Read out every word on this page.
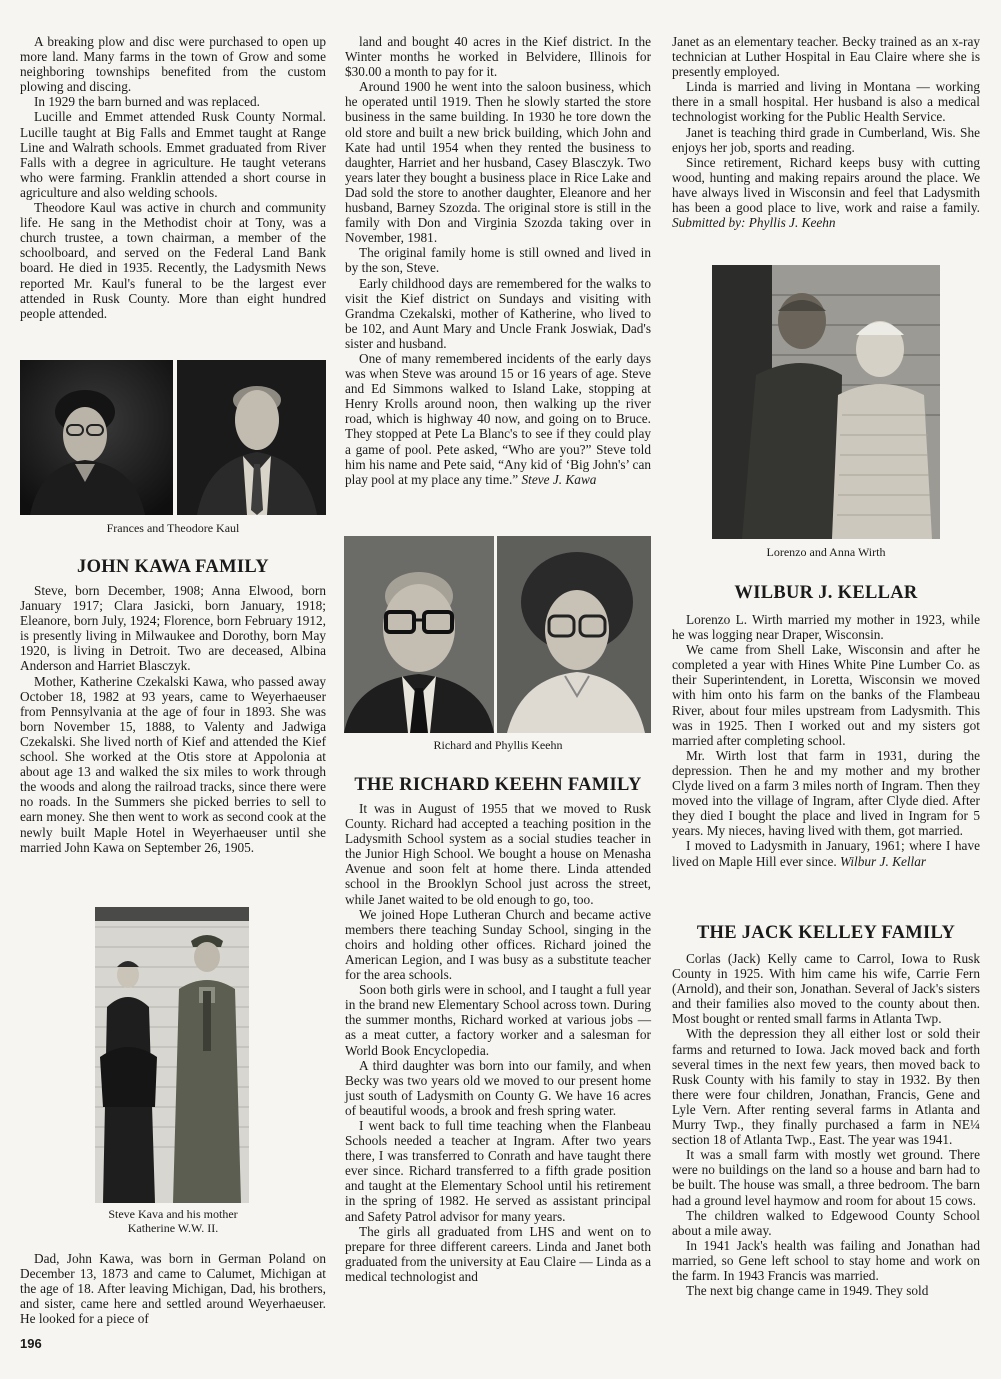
A breaking plow and disc were purchased to open up more land. Many farms in the town of Grow and some neighboring townships benefited from the custom plowing and discing.

In 1929 the barn burned and was replaced.

Lucille and Emmet attended Rusk County Normal. Lucille taught at Big Falls and Emmet taught at Range Line and Walrath schools. Emmet graduated from River Falls with a degree in agriculture. He taught veterans who were farming. Franklin attended a short course in agriculture and also welding schools.

Theodore Kaul was active in church and community life. He sang in the Methodist choir at Tony, was a church trustee, a town chairman, a member of the schoolboard, and served on the Federal Land Bank board. He died in 1935. Recently, the Ladysmith News reported Mr. Kaul's funeral to be the largest ever attended in Rusk County. More than eight hundred people attended.

Frances and Theodore Kaul
JOHN KAWA FAMILY

Steve, born December, 1908; Anna Elwood, born January 1917; Clara Jasicki, born January, 1918; Eleanore, born July, 1924; Florence, born February 1912, is presently living in Milwaukee and Dorothy, born May 1920, is living in Detroit. Two are deceased, Albina Anderson and Harriet Blasczyk.

Mother, Katherine Czekalski Kawa, who passed away October 18, 1982 at 93 years, came to Weyerhaeuser from Pennsylvania at the age of four in 1893. She was born November 15, 1888, to Valenty and Jadwiga Czekalski. She lived north of Kief and attended the Kief school. She worked at the Otis store at Appolonia at about age 13 and walked the six miles to work through the woods and along the railroad tracks, since there were no roads. In the Summers she picked berries to sell to earn money. She then went to work as second cook at the newly built Maple Hotel in Weyerhaeuser until she married John Kawa on September 26, 1905.

Steve Kava and his mother
Katherine W.W. II.

Dad, John Kawa, was born in German Poland on December 13, 1873 and came to Calumet, Michigan at the age of 18. After leaving Michigan, Dad, his brothers, and sister, came here and settled around Weyerhaeuser. He looked for a piece of

196

land and bought 40 acres in the Kief district. In the Winter months he worked in Belvidere, Illinois for $30.00 a month to pay for it.

Around 1900 he went into the saloon business, which he operated until 1919. Then he slowly started the store business in the same building. In 1930 he tore down the old store and built a new brick building, which John and Kate had until 1954 when they rented the business to daughter, Harriet and her husband, Casey Blasczyk. Two years later they bought a business place in Rice Lake and Dad sold the store to another daughter, Eleanore and her husband, Barney Szozda. The original store is still in the family with Don and Virginia Szozda taking over in November, 1981.

The original family home is still owned and lived in by the son, Steve.

Early childhood days are remembered for the walks to visit the Kief district on Sundays and visiting with Grandma Czekalski, mother of Katherine, who lived to be 102, and Aunt Mary and Uncle Frank Joswiak, Dad's sister and husband.

One of many remembered incidents of the early days was when Steve was around 15 or 16 years of age. Steve and Ed Simmons walked to Island Lake, stopping at Henry Krolls around noon, then walking up the river road, which is highway 40 now, and going on to Bruce. They stopped at Pete La Blanc's to see if they could play a game of pool. Pete asked, “Who are you?” Steve told him his name and Pete said, “Any kid of ‘Big John's’ can play pool at my place any time.” Steve J. Kawa

Richard and Phyllis Keehn
THE RICHARD KEEHN FAMILY

It was in August of 1955 that we moved to Rusk County. Richard had accepted a teaching position in the Ladysmith School system as a social studies teacher in the Junior High School. We bought a house on Menasha Avenue and soon felt at home there. Linda attended school in the Brooklyn School just across the street, while Janet waited to be old enough to go, too.

We joined Hope Lutheran Church and became active members there teaching Sunday School, singing in the choirs and holding other offices. Richard joined the American Legion, and I was busy as a substitute teacher for the area schools.

Soon both girls were in school, and I taught a full year in the brand new Elementary School across town. During the summer months, Richard worked at various jobs — as a meat cutter, a factory worker and a salesman for World Book Encyclopedia.

A third daughter was born into our family, and when Becky was two years old we moved to our present home just south of Ladysmith on County G. We have 16 acres of beautiful woods, a brook and fresh spring water.

I went back to full time teaching when the Flanbeau Schools needed a teacher at Ingram. After two years there, I was transferred to Conrath and have taught there ever since. Richard transferred to a fifth grade position and taught at the Elementary School until his retirement in the spring of 1982. He served as assistant principal and Safety Patrol advisor for many years.

The girls all graduated from LHS and went on to prepare for three different careers. Linda and Janet both graduated from the university at Eau Claire — Linda as a medical technologist and

Janet as an elementary teacher. Becky trained as an x-ray technician at Luther Hospital in Eau Claire where she is presently employed.

Linda is married and living in Montana — working there in a small hospital. Her husband is also a medical technologist working for the Public Health Service.

Janet is teaching third grade in Cumberland, Wis. She enjoys her job, sports and reading.

Since retirement, Richard keeps busy with cutting wood, hunting and making repairs around the place. We have always lived in Wisconsin and feel that Ladysmith has been a good place to live, work and raise a family. Submitted by: Phyllis J. Keehn

Lorenzo and Anna Wirth
WILBUR J. KELLAR

Lorenzo L. Wirth married my mother in 1923, while he was logging near Draper, Wisconsin.

We came from Shell Lake, Wisconsin and after he completed a year with Hines White Pine Lumber Co. as their Superintendent, in Loretta, Wisconsin we moved with him onto his farm on the banks of the Flambeau River, about four miles upstream from Ladysmith. This was in 1925. Then I worked out and my sisters got married after completing school.

Mr. Wirth lost that farm in 1931, during the depression. Then he and my mother and my brother Clyde lived on a farm 3 miles north of Ingram. Then they moved into the village of Ingram, after Clyde died. After they died I bought the place and lived in Ingram for 5 years. My nieces, having lived with them, got married.

I moved to Ladysmith in January, 1961; where I have lived on Maple Hill ever since. Wilbur J. Kellar

THE JACK KELLEY FAMILY

Corlas (Jack) Kelly came to Carrol, Iowa to Rusk County in 1925. With him came his wife, Carrie Fern (Arnold), and their son, Jonathan. Several of Jack's sisters and their families also moved to the county about then. Most bought or rented small farms in Atlanta Twp.

With the depression they all either lost or sold their farms and returned to Iowa. Jack moved back and forth several times in the next few years, then moved back to Rusk County with his family to stay in 1932. By then there were four children, Jonathan, Francis, Gene and Lyle Vern. After renting several farms in Atlanta and Murry Twp., they finally purchased a farm in NE¼ section 18 of Atlanta Twp., East. The year was 1941.

It was a small farm with mostly wet ground. There were no buildings on the land so a house and barn had to be built. The house was small, a three bedroom. The barn had a ground level haymow and room for about 15 cows.

The children walked to Edgewood County School about a mile away.

In 1941 Jack's health was failing and Jonathan had married, so Gene left school to stay home and work on the farm. In 1943 Francis was married.

The next big change came in 1949. They sold
